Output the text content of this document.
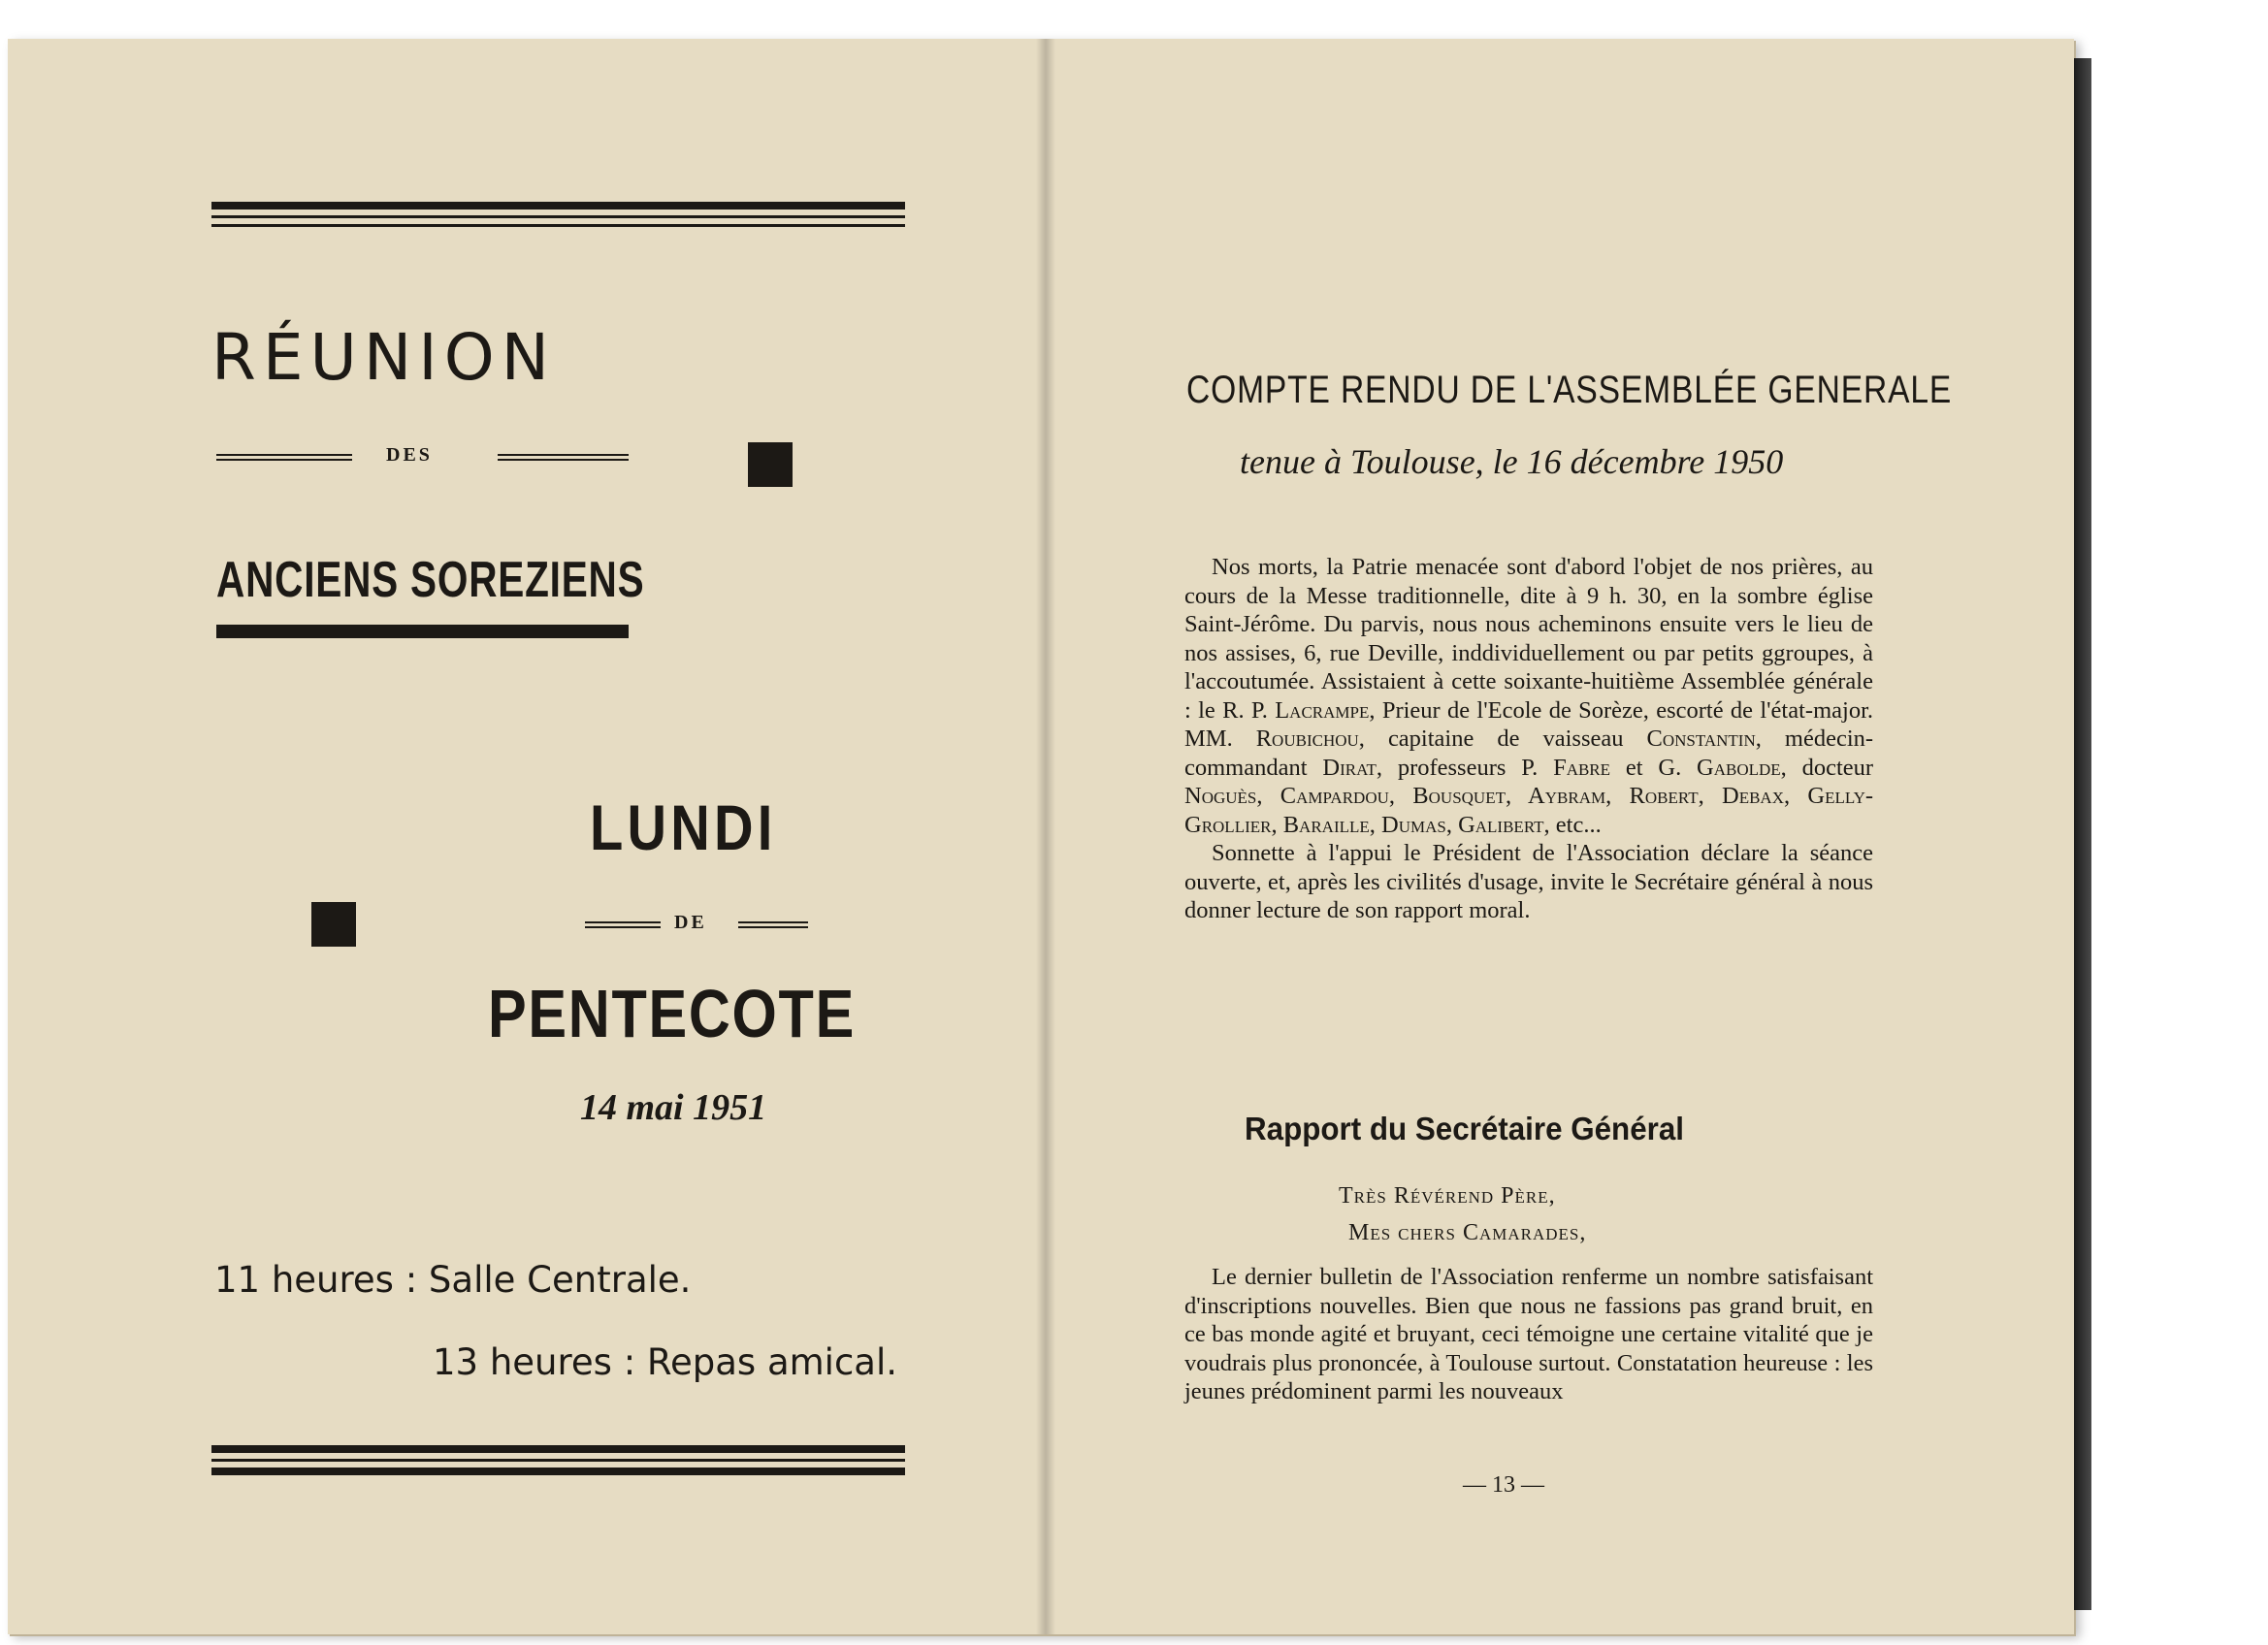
RÉUNION
DES
ANCIENS SOREZIENS
LUNDI
DE
PENTECOTE
14 mai 1951
11 heures : Salle Centrale.
13 heures : Repas amical.
COMPTE RENDU DE L'ASSEMBLÉE GENERALE
tenue à Toulouse, le 16 décembre 1950

Nos morts, la Patrie menacée sont d'abord l'objet de nos prières, au cours de la Messe traditionnelle, dite à 9 h. 30, en la sombre église Saint-Jérôme. Du parvis, nous nous acheminons ensuite vers le lieu de nos assises, 6, rue Deville, inddividuellement ou par petits ggroupes, à l'accoutumée. Assistaient à cette soixante-huitième Assemblée générale : le R. P. Lacrampe, Prieur de l'Ecole de Sorèze, escorté de l'état-major. MM. Roubichou, capitaine de vaisseau Constantin, médecin-commandant Dirat, professeurs P. Fabre et G. Gabolde, docteur Noguès, Campardou, Bousquet, Aybram, Robert, Debax, Gelly-Grollier, Baraille, Dumas, Galibert, etc...

Sonnette à l'appui le Président de l'Association déclare la séance ouverte, et, après les civilités d'usage, invite le Secrétaire général à nous donner lecture de son rapport moral.

Rapport du Secrétaire Général
Très Révérend Père,
Mes chers Camarades,

Le dernier bulletin de l'Association renferme un nombre satisfaisant d'inscriptions nouvelles. Bien que nous ne fassions pas grand bruit, en ce bas monde agité et bruyant, ceci témoigne une certaine vitalité que je voudrais plus prononcée, à Toulouse surtout. Constatation heureuse : les jeunes prédominent parmi les nouveaux

— 13 —
